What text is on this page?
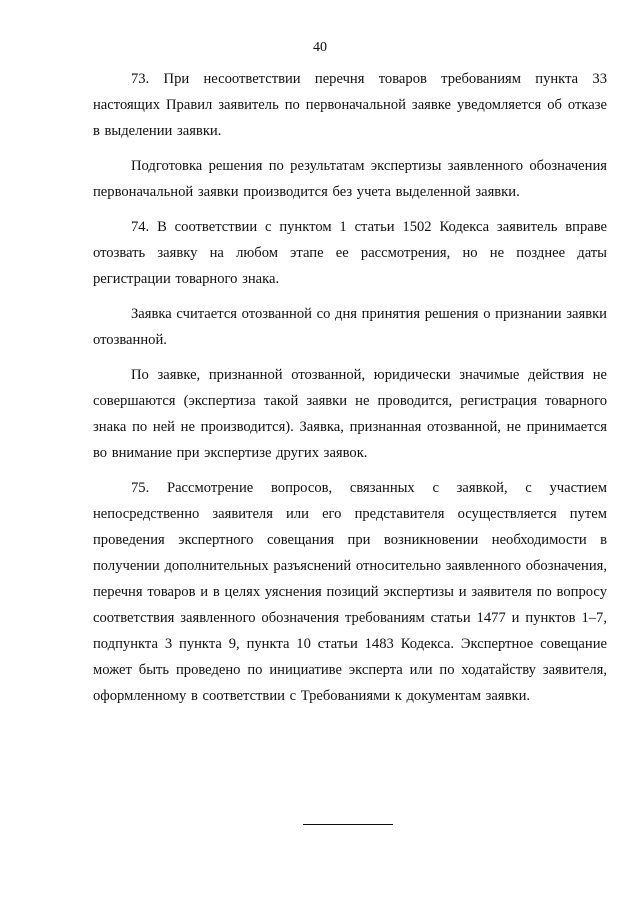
40

73. При несоответствии перечня товаров требованиям пункта 33 настоящих Правил заявитель по первоначальной заявке уведомляется об отказе в выделении заявки.

Подготовка решения по результатам экспертизы заявленного обозначения первоначальной заявки производится без учета выделенной заявки.

74. В соответствии с пунктом 1 статьи 1502 Кодекса заявитель вправе отозвать заявку на любом этапе ее рассмотрения, но не позднее даты регистрации товарного знака.

Заявка считается отозванной со дня принятия решения о признании заявки отозванной.

По заявке, признанной отозванной, юридически значимые действия не совершаются (экспертиза такой заявки не проводится, регистрация товарного знака по ней не производится). Заявка, признанная отозванной, не принимается во внимание при экспертизе других заявок.

75. Рассмотрение вопросов, связанных с заявкой, с участием непосредственно заявителя или его представителя осуществляется путем проведения экспертного совещания при возникновении необходимости в получении дополнительных разъяснений относительно заявленного обозначения, перечня товаров и в целях уяснения позиций экспертизы и заявителя по вопросу соответствия заявленного обозначения требованиям статьи 1477 и пунктов 1–7, подпункта 3 пункта 9, пункта 10 статьи 1483 Кодекса. Экспертное совещание может быть проведено по инициативе эксперта или по ходатайству заявителя, оформленному в соответствии с Требованиями к документам заявки.
